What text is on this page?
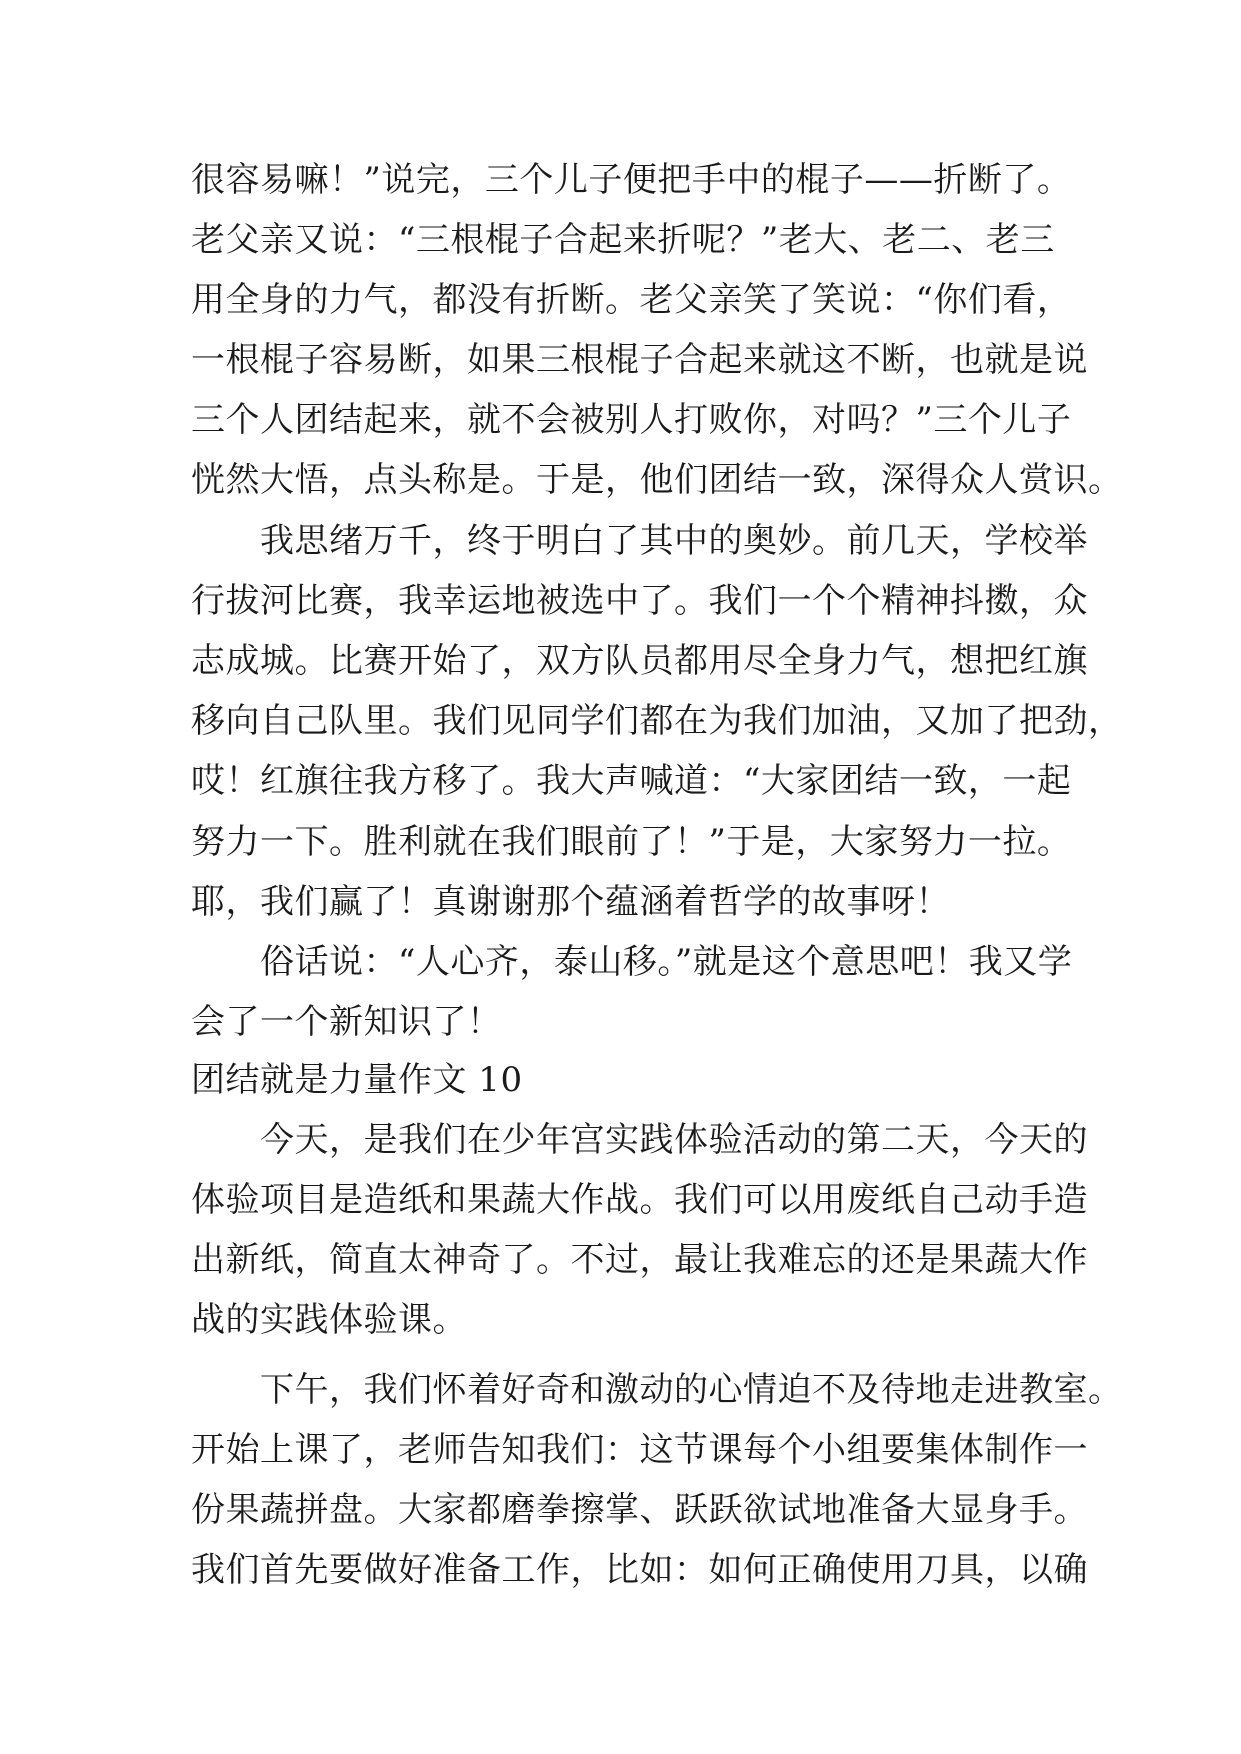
很容易嘛！”说完，三个儿子便把手中的棍子——折断了。
老父亲又说：“三根棍子合起来折呢？”老大、老二、老三
用全身的力气，都没有折断。老父亲笑了笑说：“你们看，
一根棍子容易断，如果三根棍子合起来就这不断，也就是说
三个人团结起来，就不会被别人打败你，对吗？”三个儿子
恍然大悟，点头称是。于是，他们团结一致，深得众人赏识。
　　我思绪万千，终于明白了其中的奥妙。前几天，学校举
行拔河比赛，我幸运地被选中了。我们一个个精神抖擞，众
志成城。比赛开始了，双方队员都用尽全身力气，想把红旗
移向自己队里。我们见同学们都在为我们加油，又加了把劲，
哎！红旗往我方移了。我大声喊道：“大家团结一致，一起
努力一下。胜利就在我们眼前了！”于是，大家努力一拉。
耶，我们赢了！真谢谢那个蕴涵着哲学的故事呀！
　　俗话说：“人心齐，泰山移。”就是这个意思吧！我又学
会了一个新知识了！
团结就是力量作文 10
　　今天，是我们在少年宫实践体验活动的第二天，今天的
体验项目是造纸和果蔬大作战。我们可以用废纸自己动手造
出新纸，简直太神奇了。不过，最让我难忘的还是果蔬大作
战的实践体验课。
　　下午，我们怀着好奇和激动的心情迫不及待地走进教室。
开始上课了，老师告知我们：这节课每个小组要集体制作一
份果蔬拼盘。大家都磨拳擦掌、跃跃欲试地准备大显身手。
我们首先要做好准备工作，比如：如何正确使用刀具，以确
